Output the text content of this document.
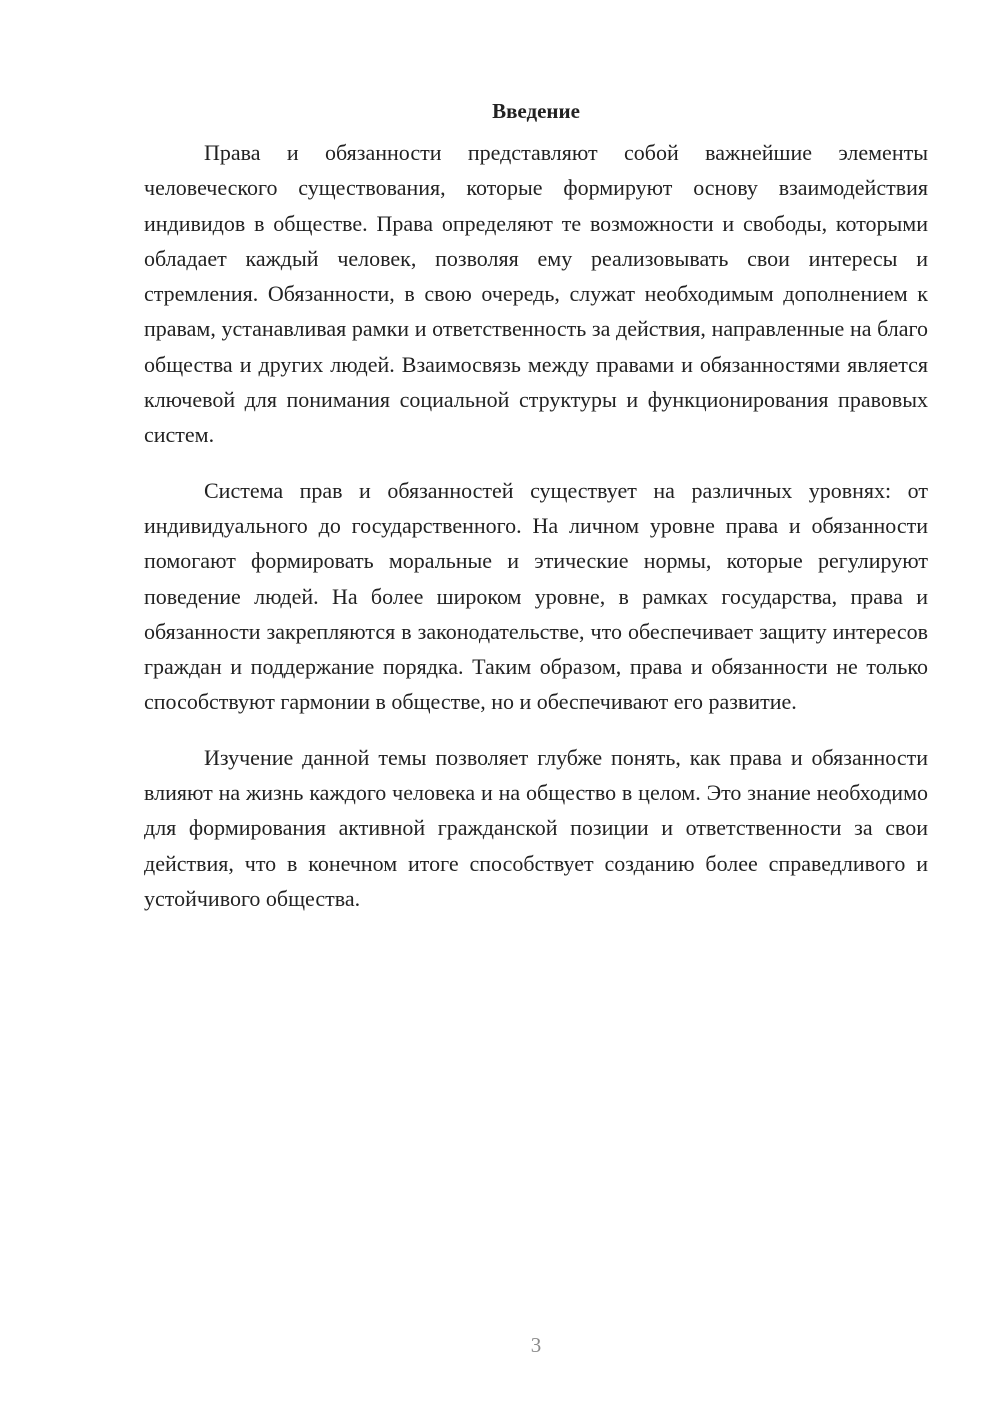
Введение

Права и обязанности представляют собой важнейшие элементы человеческого существования, которые формируют основу взаимодействия индивидов в обществе. Права определяют те возможности и свободы, которыми обладает каждый человек, позволяя ему реализовывать свои интересы и стремления. Обязанности, в свою очередь, служат необходимым дополнением к правам, устанавливая рамки и ответственность за действия, направленные на благо общества и других людей. Взаимосвязь между правами и обязанностями является ключевой для понимания социальной структуры и функционирования правовых систем.

Система прав и обязанностей существует на различных уровнях: от индивидуального до государственного. На личном уровне права и обязанности помогают формировать моральные и этические нормы, которые регулируют поведение людей. На более широком уровне, в рамках государства, права и обязанности закрепляются в законодательстве, что обеспечивает защиту интересов граждан и поддержание порядка. Таким образом, права и обязанности не только способствуют гармонии в обществе, но и обеспечивают его развитие.

Изучение данной темы позволяет глубже понять, как права и обязанности влияют на жизнь каждого человека и на общество в целом. Это знание необходимо для формирования активной гражданской позиции и ответственности за свои действия, что в конечном итоге способствует созданию более справедливого и устойчивого общества.

3
